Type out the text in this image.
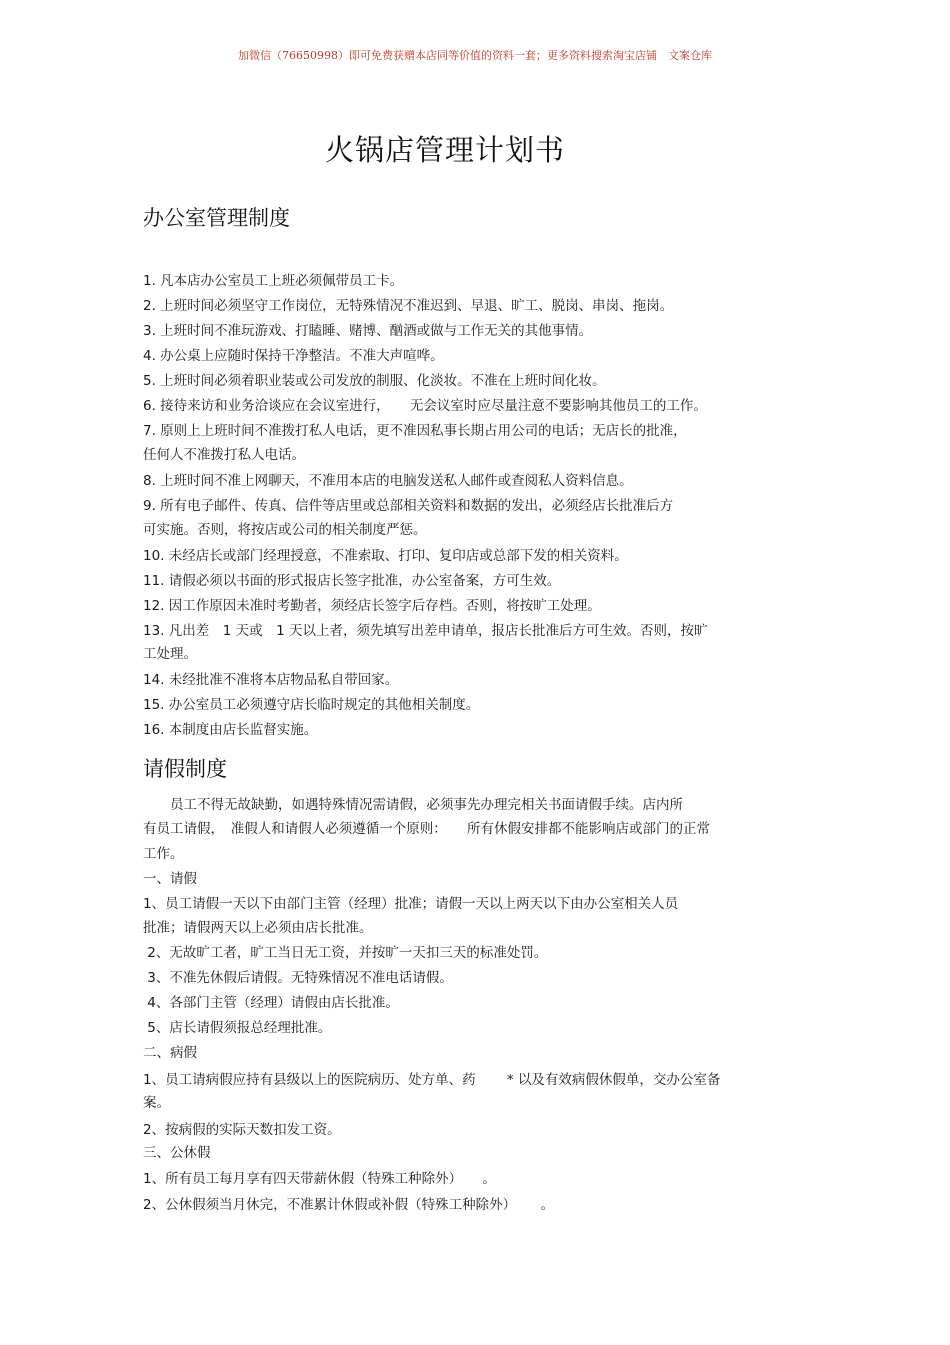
加微信（76650998）即可免费获赠本店同等价值的资料一套；更多资料搜索淘宝店铺　文案仓库
火锅店管理计划书
办公室管理制度
1. 凡本店办公室员工上班必须佩带员工卡。
2. 上班时间必须坚守工作岗位，无特殊情况不准迟到、早退、旷工、脱岗、串岗、拖岗。
3. 上班时间不准玩游戏、打瞌睡、赌博、酗酒或做与工作无关的其他事情。
4. 办公桌上应随时保持干净整洁。不准大声喧哗。
5. 上班时间必须着职业装或公司发放的制服、化淡妆。不准在上班时间化妆。
6. 接待来访和业务洽谈应在会议室进行，　　无会议室时应尽量注意不要影响其他员工的工作。
7. 原则上上班时间不准拨打私人电话，更不准因私事长期占用公司的电话；无店长的批准，
任何人不准拨打私人电话。
8. 上班时间不准上网聊天，不准用本店的电脑发送私人邮件或查阅私人资料信息。
9. 所有电子邮件、传真、信件等店里或总部相关资料和数据的发出，必须经店长批准后方
可实施。否则，将按店或公司的相关制度严惩。
10. 未经店长或部门经理授意，不准索取、打印、复印店或总部下发的相关资料。
11. 请假必须以书面的形式报店长签字批准，办公室备案，方可生效。
12. 因工作原因未准时考勤者，须经店长签字后存档。否则，将按旷工处理。
13. 凡出差　1 天或　1 天以上者，须先填写出差申请单，报店长批准后方可生效。否则，按旷
工处理。
14. 未经批准不准将本店物品私自带回家。
15. 办公室员工必须遵守店长临时规定的其他相关制度。
16. 本制度由店长监督实施。
请假制度
　　员工不得无故缺勤，如遇特殊情况需请假，必须事先办理完相关书面请假手续。店内所
有员工请假，　准假人和请假人必须遵循一个原则：　　所有休假安排都不能影响店或部门的正常
工作。
一、请假
1、员工请假一天以下由部门主管（经理）批准；请假一天以上两天以下由办公室相关人员
批准；请假两天以上必须由店长批准。
2、无故旷工者，旷工当日无工资，并按旷一天扣三天的标准处罚。
3、不准先休假后请假。无特殊情况不准电话请假。
4、各部门主管（经理）请假由店长批准。
5、店长请假须报总经理批准。
二、病假
1、员工请病假应持有县级以上的医院病历、处方单、药　　 * 以及有效病假休假单，交办公室备
案。
2、按病假的实际天数扣发工资。
三、公休假
1、所有员工每月享有四天带薪休假（特殊工种除外）　　。
2、公休假须当月休完，不准累计休假或补假（特殊工种除外）　　 。
